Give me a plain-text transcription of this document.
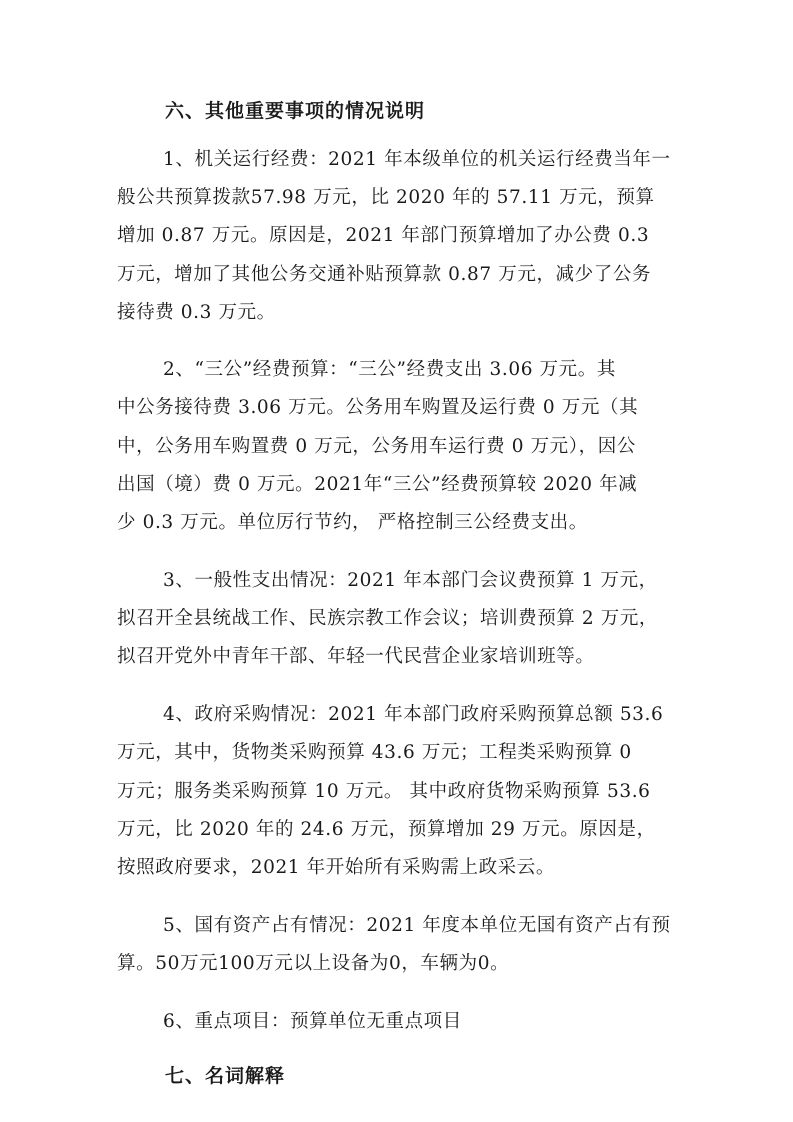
六、其他重要事项的情况说明
1、机关运行经费：2021 年本级单位的机关运行经费当年一
般公共预算拨款57.98 万元，比 2020 年的 57.11 万元，预算
增加 0.87 万元。原因是，2021 年部门预算增加了办公费 0.3
万元，增加了其他公务交通补贴预算款 0.87 万元，减少了公务
接待费 0.3 万元。
2、“三公”经费预算：“三公”经费支出 3.06 万元。其
中公务接待费 3.06 万元。公务用车购置及运行费 0 万元（其
中，公务用车购置费 0 万元，公务用车运行费 0 万元），因公
出国（境）费 0 万元。2021年“三公”经费预算较 2020 年减
少 0.3 万元。单位厉行节约， 严格控制三公经费支出。
3、一般性支出情况：2021 年本部门会议费预算 1 万元，
拟召开全县统战工作、民族宗教工作会议；培训费预算 2 万元，
拟召开党外中青年干部、年轻一代民营企业家培训班等。
4、政府采购情况：2021 年本部门政府采购预算总额 53.6
万元，其中，货物类采购预算 43.6 万元；工程类采购预算 0
万元；服务类采购预算 10 万元。 其中政府货物采购预算 53.6
万元，比 2020 年的 24.6 万元，预算增加 29 万元。原因是，
按照政府要求，2021 年开始所有采购需上政采云。
5、国有资产占有情况：2021 年度本单位无国有资产占有预
算。50万元100万元以上设备为0，车辆为0。
6、重点项目：预算单位无重点项目
七、名词解释
